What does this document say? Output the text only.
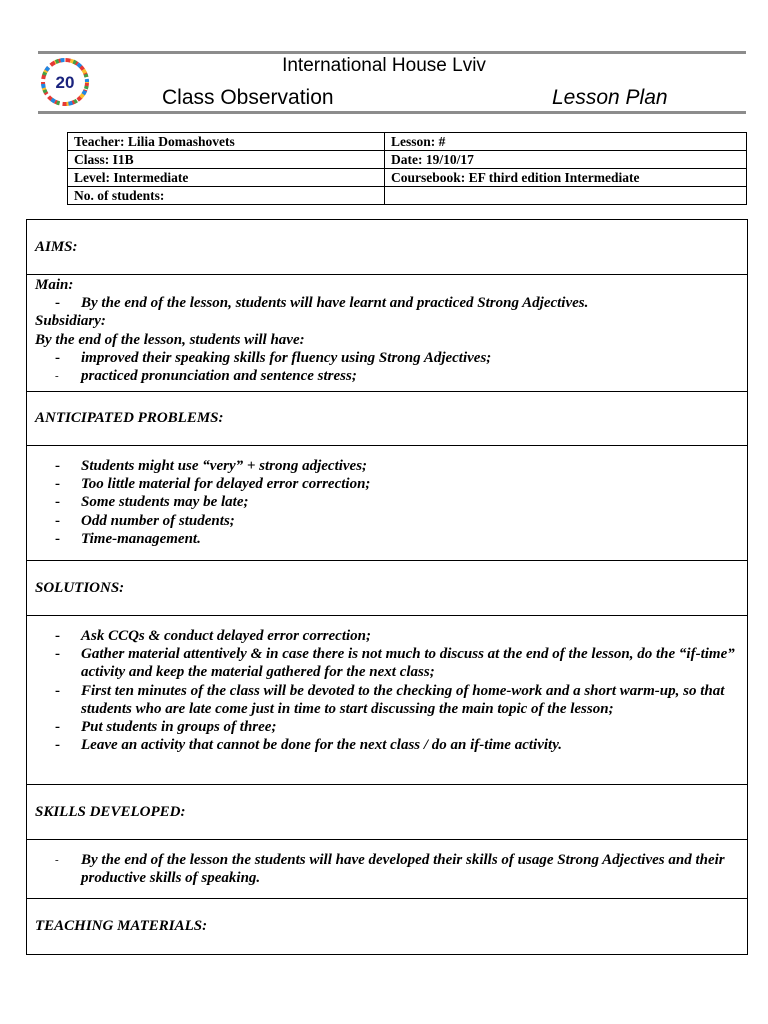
20
International House Lviv
Class Observation	Lesson Plan
Teacher: Lilia Domashovets	Lesson: #
Class: I1B	Date: 19/10/17
Level: Intermediate	Coursebook: EF third edition Intermediate
No. of students:	
AIMS:
Main:
- By the end of the lesson, students will have learnt and practiced Strong Adjectives.
Subsidiary:
By the end of the lesson, students will have:
- improved their speaking skills for fluency using Strong Adjectives;
- practiced pronunciation and sentence stress;
ANTICIPATED PROBLEMS:
- Students might use “very” + strong adjectives;
- Too little material for delayed error correction;
- Some students may be late;
- Odd number of students;
- Time-management.
SOLUTIONS:
- Ask CCQs & conduct delayed error correction;
- Gather material attentively & in case there is not much to discuss at the end of the lesson, do the “if-time” activity and keep the material gathered for the next class;
- First ten minutes of the class will be devoted to the checking of home-work and a short warm-up, so that students who are late come just in time to start discussing the main topic of the lesson;
- Put students in groups of three;
- Leave an activity that cannot be done for the next class / do an if-time activity.
SKILLS DEVELOPED:
- By the end of the lesson the students will have developed their skills of usage Strong Adjectives and their productive skills of speaking.
TEACHING MATERIALS:
